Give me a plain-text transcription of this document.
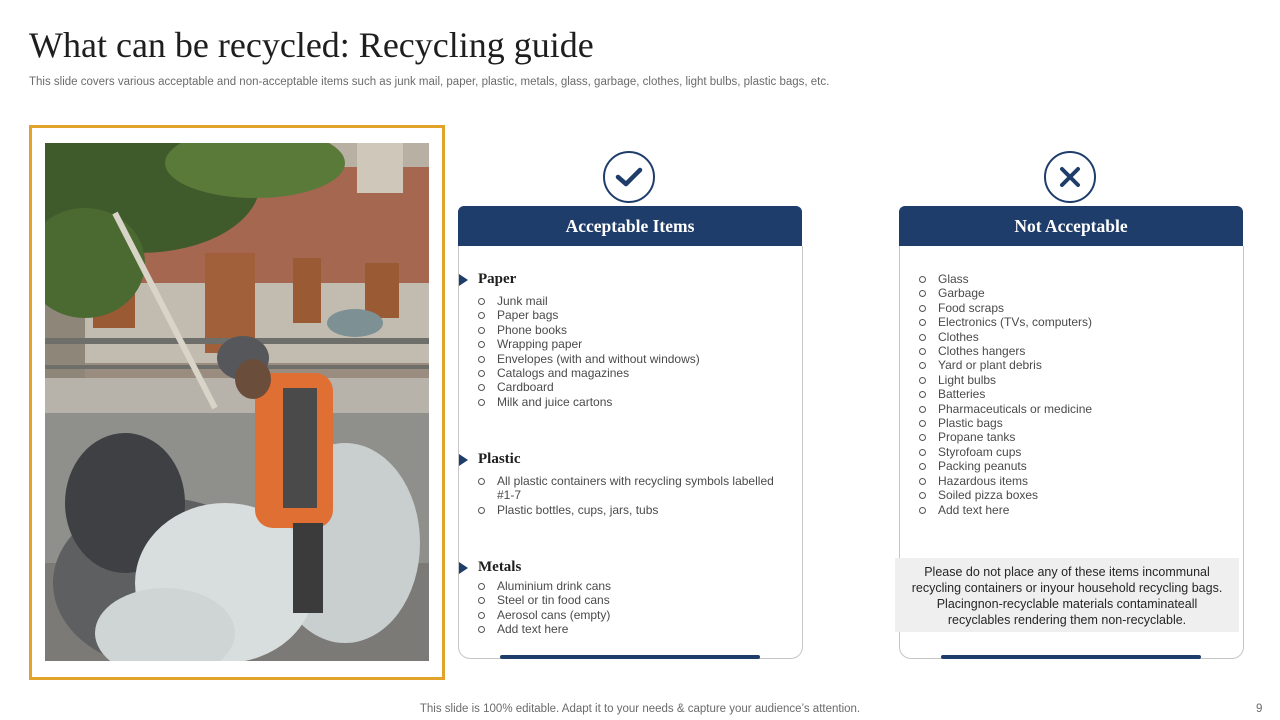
What can be recycled: Recycling guide
This slide covers various acceptable and non-acceptable items such as junk mail, paper, plastic, metals, glass, garbage, clothes, light bulbs, plastic bags, etc.
Acceptable Items
Paper
Junk mail
Paper bags
Phone books
Wrapping paper
Envelopes (with and without windows)
Catalogs and magazines
Cardboard
Milk and juice cartons
Plastic
All plastic containers with recycling symbols labelled #1-7
Plastic bottles, cups, jars, tubs
Metals
Aluminium drink cans
Steel or tin food cans
Aerosol cans (empty)
Add text here
Not Acceptable
Glass
Garbage
Food scraps
Electronics (TVs, computers)
Clothes
Clothes hangers
Yard or plant debris
Light bulbs
Batteries
Pharmaceuticals or medicine
Plastic bags
Propane tanks
Styrofoam cups
Packing peanuts
Hazardous items
Soiled pizza boxes
Add text here
Please do not place any of these items incommunal recycling containers or inyour household recycling bags. Placingnon-recyclable materials contaminateall recyclables rendering them non-recyclable.
This slide is 100% editable. Adapt it to your needs & capture your audience’s attention.	9
